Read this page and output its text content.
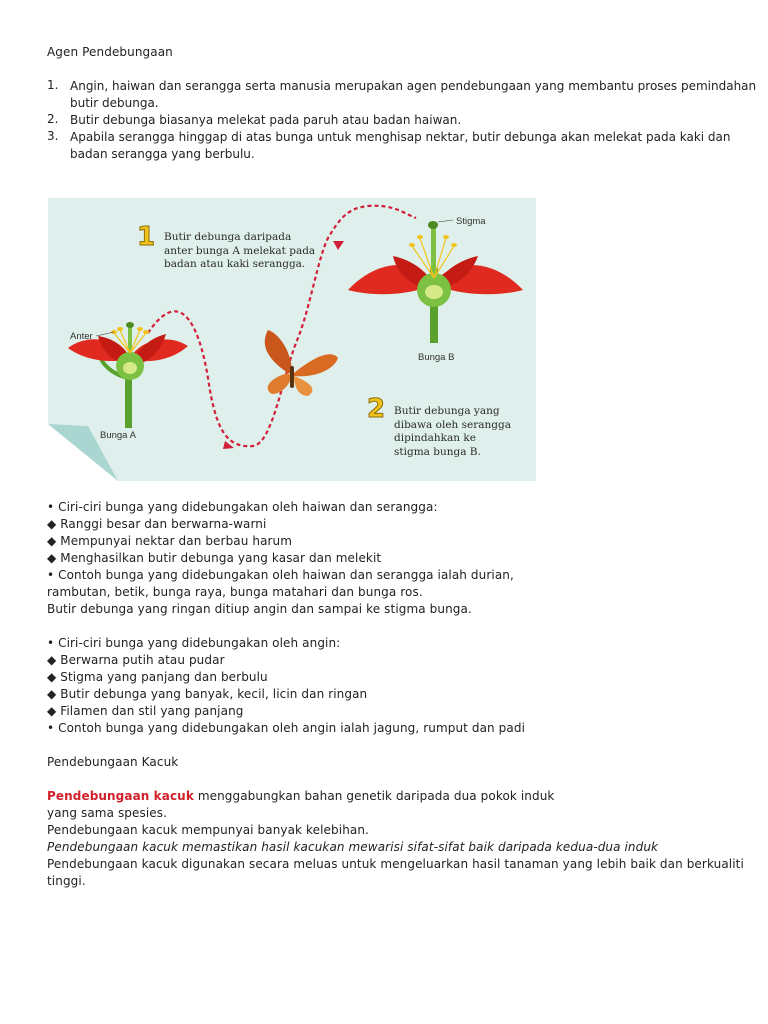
Agen Pendebungaan
1. Angin, haiwan dan serangga serta manusia merupakan agen pendebungaan yang membantu proses pemindahan
butir debunga.
2. Butir debunga biasanya melekat pada paruh atau badan haiwan.
3. Apabila serangga hinggap di atas bunga untuk menghisap nektar, butir debunga akan melekat pada kaki dan
badan serangga yang berbulu.
1
2
Butir debunga daripada
anter bunga A melekat pada
badan atau kaki serangga.
Butir debunga yang
dibawa oleh serangga
dipindahkan ke
stigma bunga B.
Anter
Stigma
Bunga A
Bunga B
• Ciri-ciri bunga yang didebungakan oleh haiwan dan serangga:
◆ Ranggi besar dan berwarna-warni
◆ Mempunyai nektar dan berbau harum
◆ Menghasilkan butir debunga yang kasar dan melekit
• Contoh bunga yang didebungakan oleh haiwan dan serangga ialah durian,
rambutan, betik, bunga raya, bunga matahari dan bunga ros.
Butir debunga yang ringan ditiup angin dan sampai ke stigma bunga.
• Ciri-ciri bunga yang didebungakan oleh angin:
◆ Berwarna putih atau pudar
◆ Stigma yang panjang dan berbulu
◆ Butir debunga yang banyak, kecil, licin dan ringan
◆ Filamen dan stil yang panjang
• Contoh bunga yang didebungakan oleh angin ialah jagung, rumput dan padi
Pendebungaan Kacuk
Pendebungaan kacuk menggabungkan bahan genetik daripada dua pokok induk
yang sama spesies.
Pendebungaan kacuk mempunyai banyak kelebihan.
Pendebungaan kacuk memastikan hasil kacukan mewarisi sifat-sifat baik daripada kedua-dua induk
Pendebungaan kacuk digunakan secara meluas untuk mengeluarkan hasil tanaman yang lebih baik dan berkualiti
tinggi.
